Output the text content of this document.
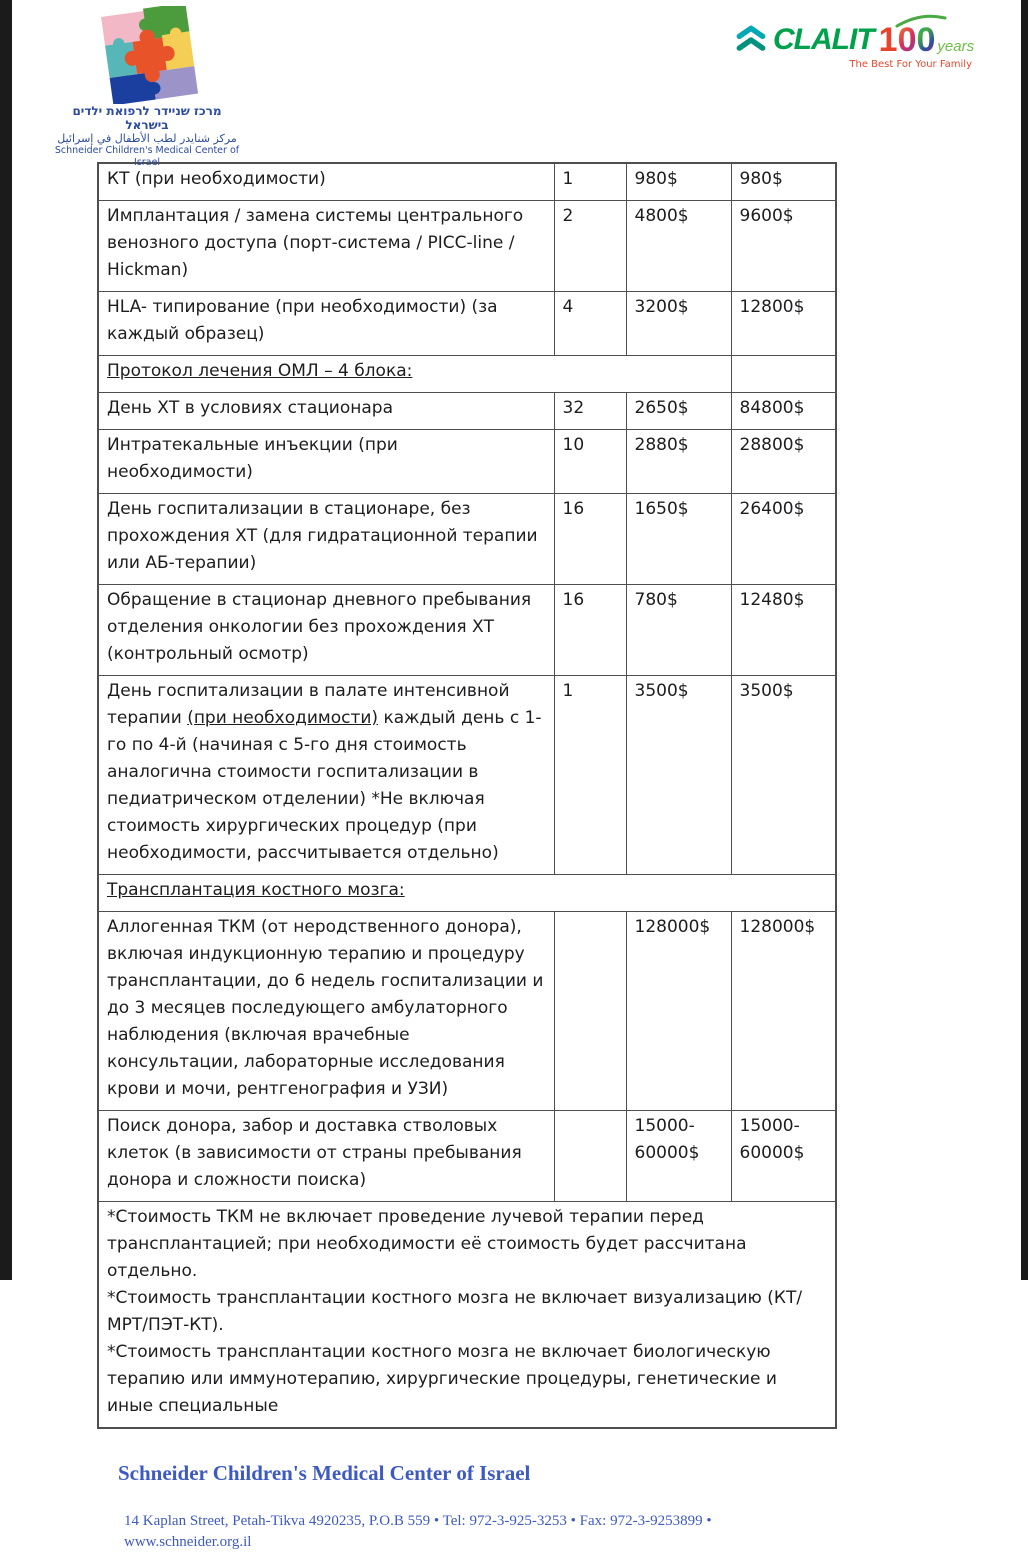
מרכז שניידר לרפואת ילדים בישראל
مركز شنايدر لطب الأطفال في إسرائيل
Schneider Children's Medical Center of Israel
CLALIT 1 0 0 years
The Best For Your Family
КТ (при необходимости)	1	980$	980$
Имплантация / замена системы центрального венозного доступа (порт-система / PICC-line / Hickman)	2	4800$	9600$
HLA- типирование (при необходимости) (за каждый образец)	4	3200$	12800$
Протокол лечения ОМЛ – 4 блока:			
День ХТ в условиях стационара	32	2650$	84800$
Интратекальные инъекции (при необходимости)	10	2880$	28800$
День госпитализации в стационаре, без прохождения ХТ (для гидратационной терапии или АБ-терапии)	16	1650$	26400$
Обращение в стационар дневного пребывания отделения онкологии без прохождения ХТ (контрольный осмотр)	16	780$	12480$
День госпитализации в палате интенсивной терапии (при необходимости) каждый день с 1-го по 4-й (начиная с 5-го дня стоимость аналогична стоимости госпитализации в педиатрическом отделении) *Не включая стоимость хирургических процедур (при необходимости, рассчитывается отдельно)	1	3500$	3500$
Трансплантация костного мозга:			
Аллогенная ТКМ (от неродственного донора), включая индукционную терапию и процедуру трансплантации, до 6 недель госпитализации и до 3 месяцев последующего амбулаторного наблюдения (включая врачебные консультации, лабораторные исследования крови и мочи, рентгенография и УЗИ)		128000$	128000$
Поиск донора, забор и доставка стволовых клеток (в зависимости от страны пребывания донора и сложности поиска)		15000-60000$	15000-60000$

*Стоимость ТКМ не включает проведение лучевой терапии перед трансплантацией; при необходимости её стоимость будет рассчитана отдельно.
*Стоимость трансплантации костного мозга не включает визуализацию (КТ/МРТ/ПЭТ-КТ).
*Стоимость трансплантации костного мозга не включает биологическую терапию или иммунотерапию, хирургические процедуры, генетические и иные специальные			
Schneider Children's Medical Center of Israel
14 Kaplan Street, Petah-Tikva 4920235, P.O.B 559 • Tel: 972-3-925-3253 • Fax: 972-3-9253899 •
www.schneider.org.il
